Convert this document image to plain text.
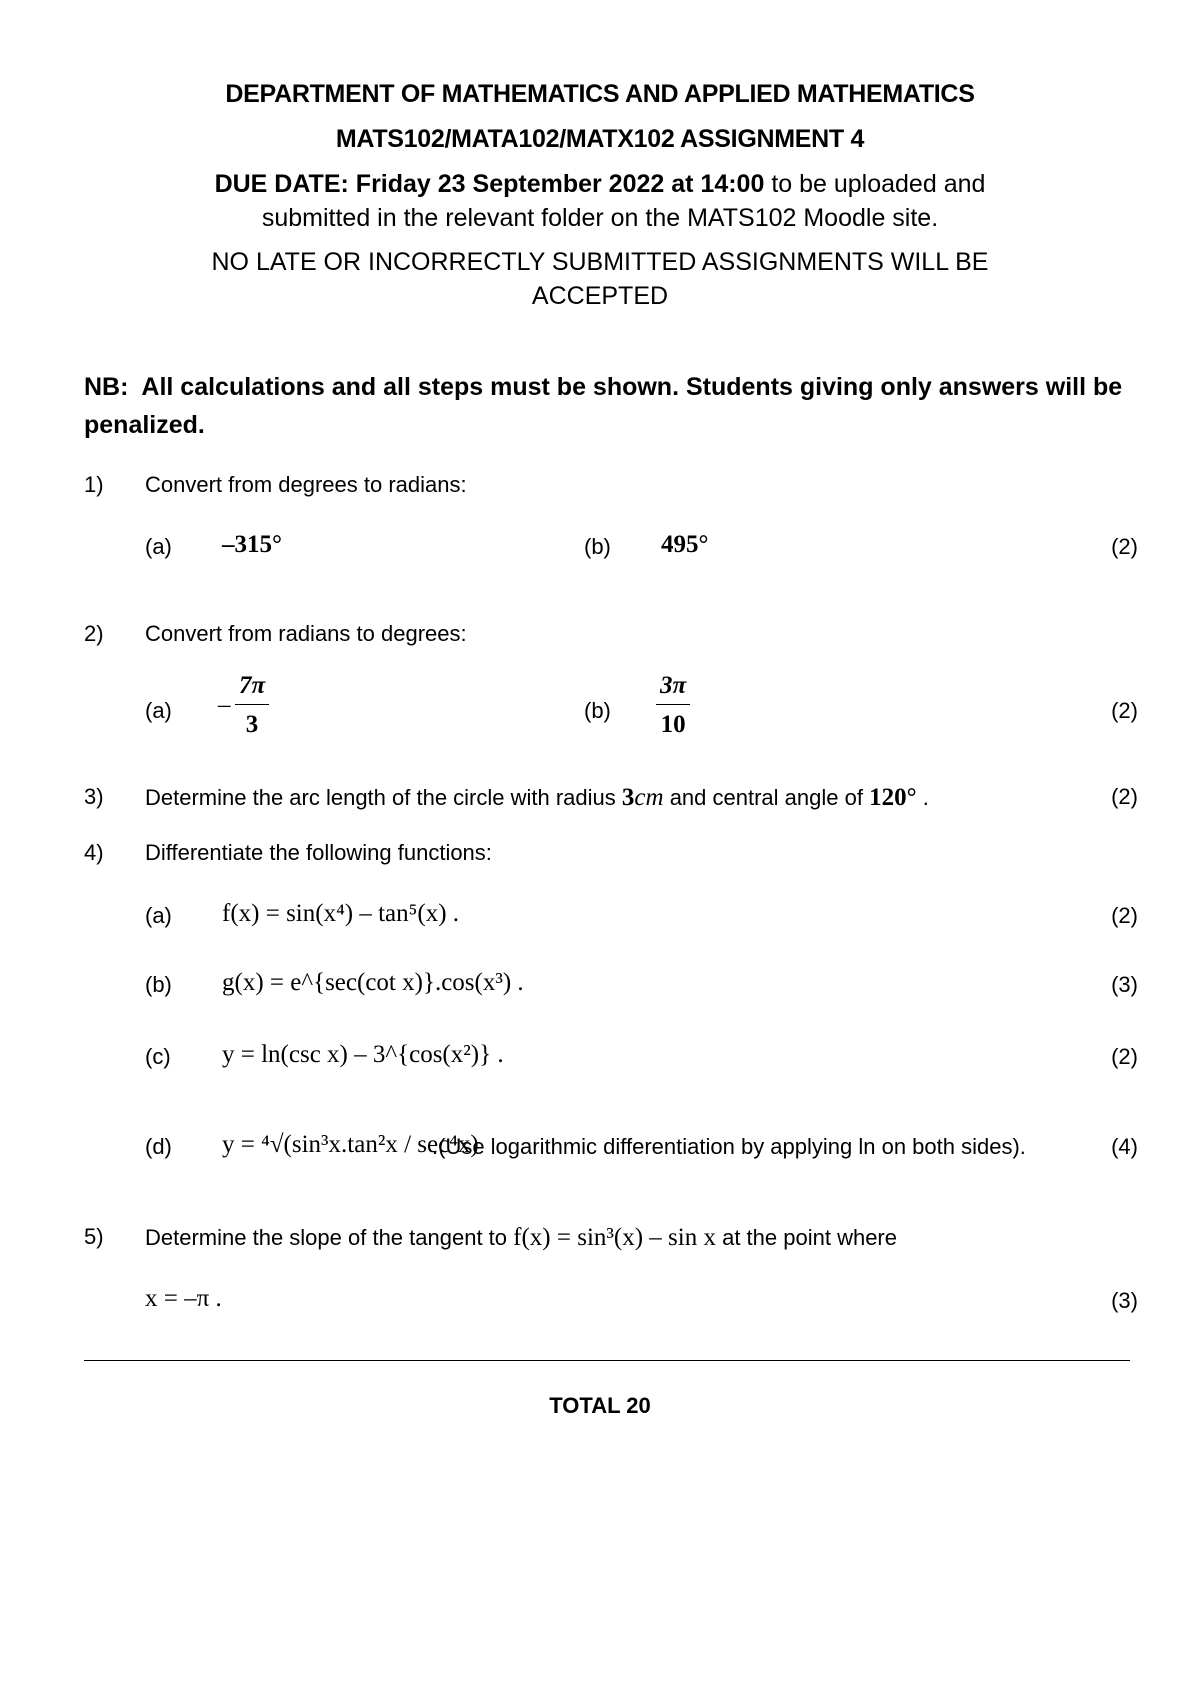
DEPARTMENT OF MATHEMATICS AND APPLIED MATHEMATICS
MATS102/MATA102/MATX102 ASSIGNMENT 4
DUE DATE: Friday 23 September 2022 at 14:00 to be uploaded and
submitted in the relevant folder on the MATS102 Moodle site.
NO LATE OR INCORRECTLY SUBMITTED ASSIGNMENTS WILL BE
ACCEPTED
NB: All calculations and all steps must be shown. Students giving only answers will be penalized.
1) Convert from degrees to radians:
(a) –315°	(b) 495°	(2)
2) Convert from radians to degrees:
$(a) - \frac{7\pi}{3}$	$(b) \frac{3\pi}{10}$	(2)
3) Determine the arc length of the circle with radius 3cm and central angle of 120° .	(2)
4) Differentiate the following functions:
(a) f(x) = sin(x⁴) – tan⁵(x) .	(2)
(b) g(x) = e^{sec(cot x)}.cos(x³) .	(3)
(c) y = ln(csc x) – 3^{cos(x²)} .	(2)
(d) y = ⁴√(sin³x.tan²x / sec⁴x)
.(Use logarithmic differentiation by applying ln on both sides).	(4)
5) Determine the slope of the tangent to f(x) = sin³(x) – sin x at the point where
x = –π .	(3)
TOTAL 20
